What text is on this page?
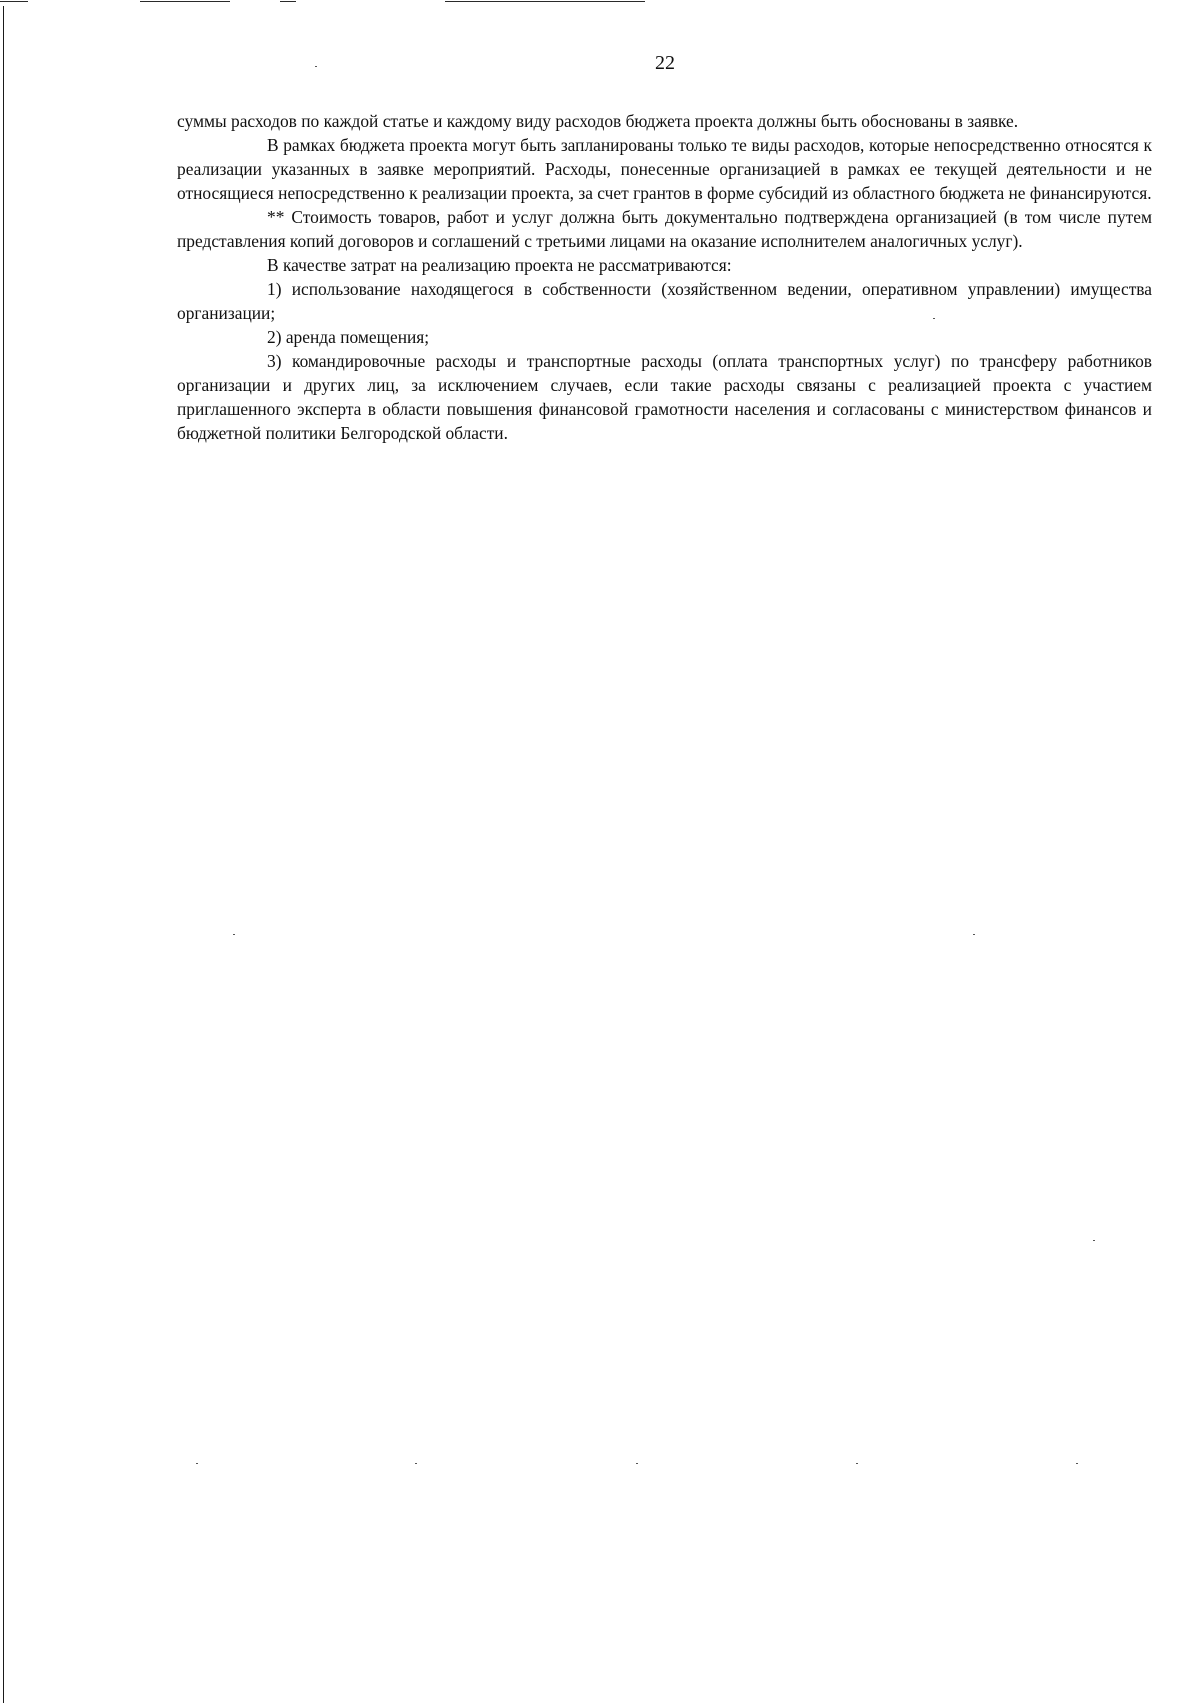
22

суммы расходов по каждой статье и каждому виду расходов бюджета проекта должны быть обоснованы в заявке.

В рамках бюджета проекта могут быть запланированы только те виды расходов, которые непосредственно относятся к реализации указанных в заявке мероприятий. Расходы, понесенные организацией в рамках ее текущей деятельности и не относящиеся непосредственно к реализации проекта, за счет грантов в форме субсидий из областного бюджета не финансируются.

** Стоимость товаров, работ и услуг должна быть документально подтверждена организацией (в том числе путем представления копий договоров и соглашений с третьими лицами на оказание исполнителем аналогичных услуг).

В качестве затрат на реализацию проекта не рассматриваются:

1) использование находящегося в собственности (хозяйственном ведении, оперативном управлении) имущества организации;

2) аренда помещения;

3) командировочные расходы и транспортные расходы (оплата транспортных услуг) по трансферу работников организации и других лиц, за исключением случаев, если такие расходы связаны с реализацией проекта с участием приглашенного эксперта в области повышения финансовой грамотности населения и согласованы с министерством финансов и бюджетной политики Белгородской области.
